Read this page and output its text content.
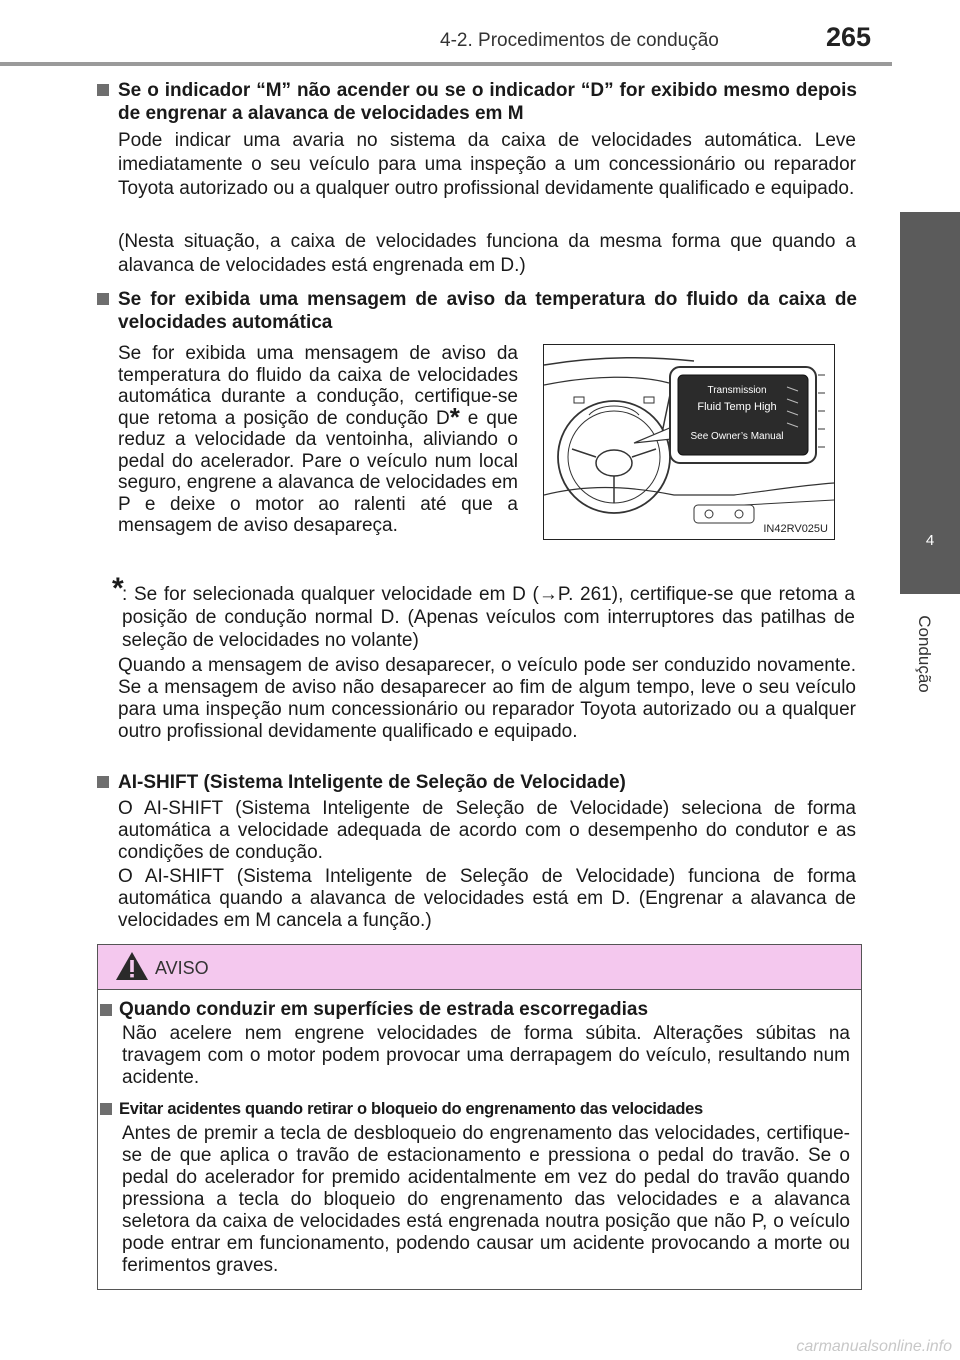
4-2. Procedimentos de condução	265
4
Condução
Se o indicador “M” não acender ou se o indicador “D” for exibido mesmo depois de engrenar a alavanca de velocidades em M
Pode indicar uma avaria no sistema da caixa de velocidades automática. Leve imediatamente o seu veículo para uma inspeção a um concessionário ou reparador Toyota autorizado ou a qualquer outro profissional devidamente qualificado e equipado.
(Nesta situação, a caixa de velocidades funciona da mesma forma que quando a alavanca de velocidades está engrenada em D.)
Se for exibida uma mensagem de aviso da temperatura do fluido da caixa de velocidades automática
Se for exibida uma mensagem de aviso da temperatura do fluido da caixa de velocidades automática durante a condução, certifique-se que retoma a posição de condução D* e que reduz a velocidade da ventoinha, aliviando o pedal do acelerador. Pare o veículo num local seguro, engrene a alavanca de velocidades em P e deixe o motor ao ralenti até que a mensagem de aviso desapareça.
Transmission
Fluid Temp High
See Owner’s Manual
IN42RV025U
*
: Se for selecionada qualquer velocidade em D (→P. 261), certifique-se que retoma a posição de condução normal D. (Apenas veículos com interruptores das patilhas de seleção de velocidades no volante)
Quando a mensagem de aviso desaparecer, o veículo pode ser conduzido novamente. Se a mensagem de aviso não desaparecer ao fim de algum tempo, leve o seu veículo para uma inspeção num concessionário ou reparador Toyota autorizado ou a qualquer outro profissional devidamente qualificado e equipado.
AI-SHIFT (Sistema Inteligente de Seleção de Velocidade)
O AI-SHIFT (Sistema Inteligente de Seleção de Velocidade) seleciona de forma automática a velocidade adequada de acordo com o desempenho do condutor e as condições de condução.
O AI-SHIFT (Sistema Inteligente de Seleção de Velocidade) funciona de forma automática quando a alavanca de velocidades está em D. (Engrenar a alavanca de velocidades em M cancela a função.)
AVISO
Quando conduzir em superfícies de estrada escorregadias
Não acelere nem engrene velocidades de forma súbita. Alterações súbitas na travagem com o motor podem provocar uma derrapagem do veículo, resultando num acidente.
Evitar acidentes quando retirar o bloqueio do engrenamento das velocidades
Antes de premir a tecla de desbloqueio do engrenamento das velocidades, certifique-se de que aplica o travão de estacionamento e pressiona o pedal do travão. Se o pedal do acelerador for premido acidentalmente em vez do pedal do travão quando pressiona a tecla do bloqueio do engrenamento das velocidades e a alavanca seletora da caixa de velocidades está engrenada noutra posição que não P, o veículo pode entrar em funcionamento, podendo causar um acidente provocando a morte ou ferimentos graves.
carmanualsonline.info
